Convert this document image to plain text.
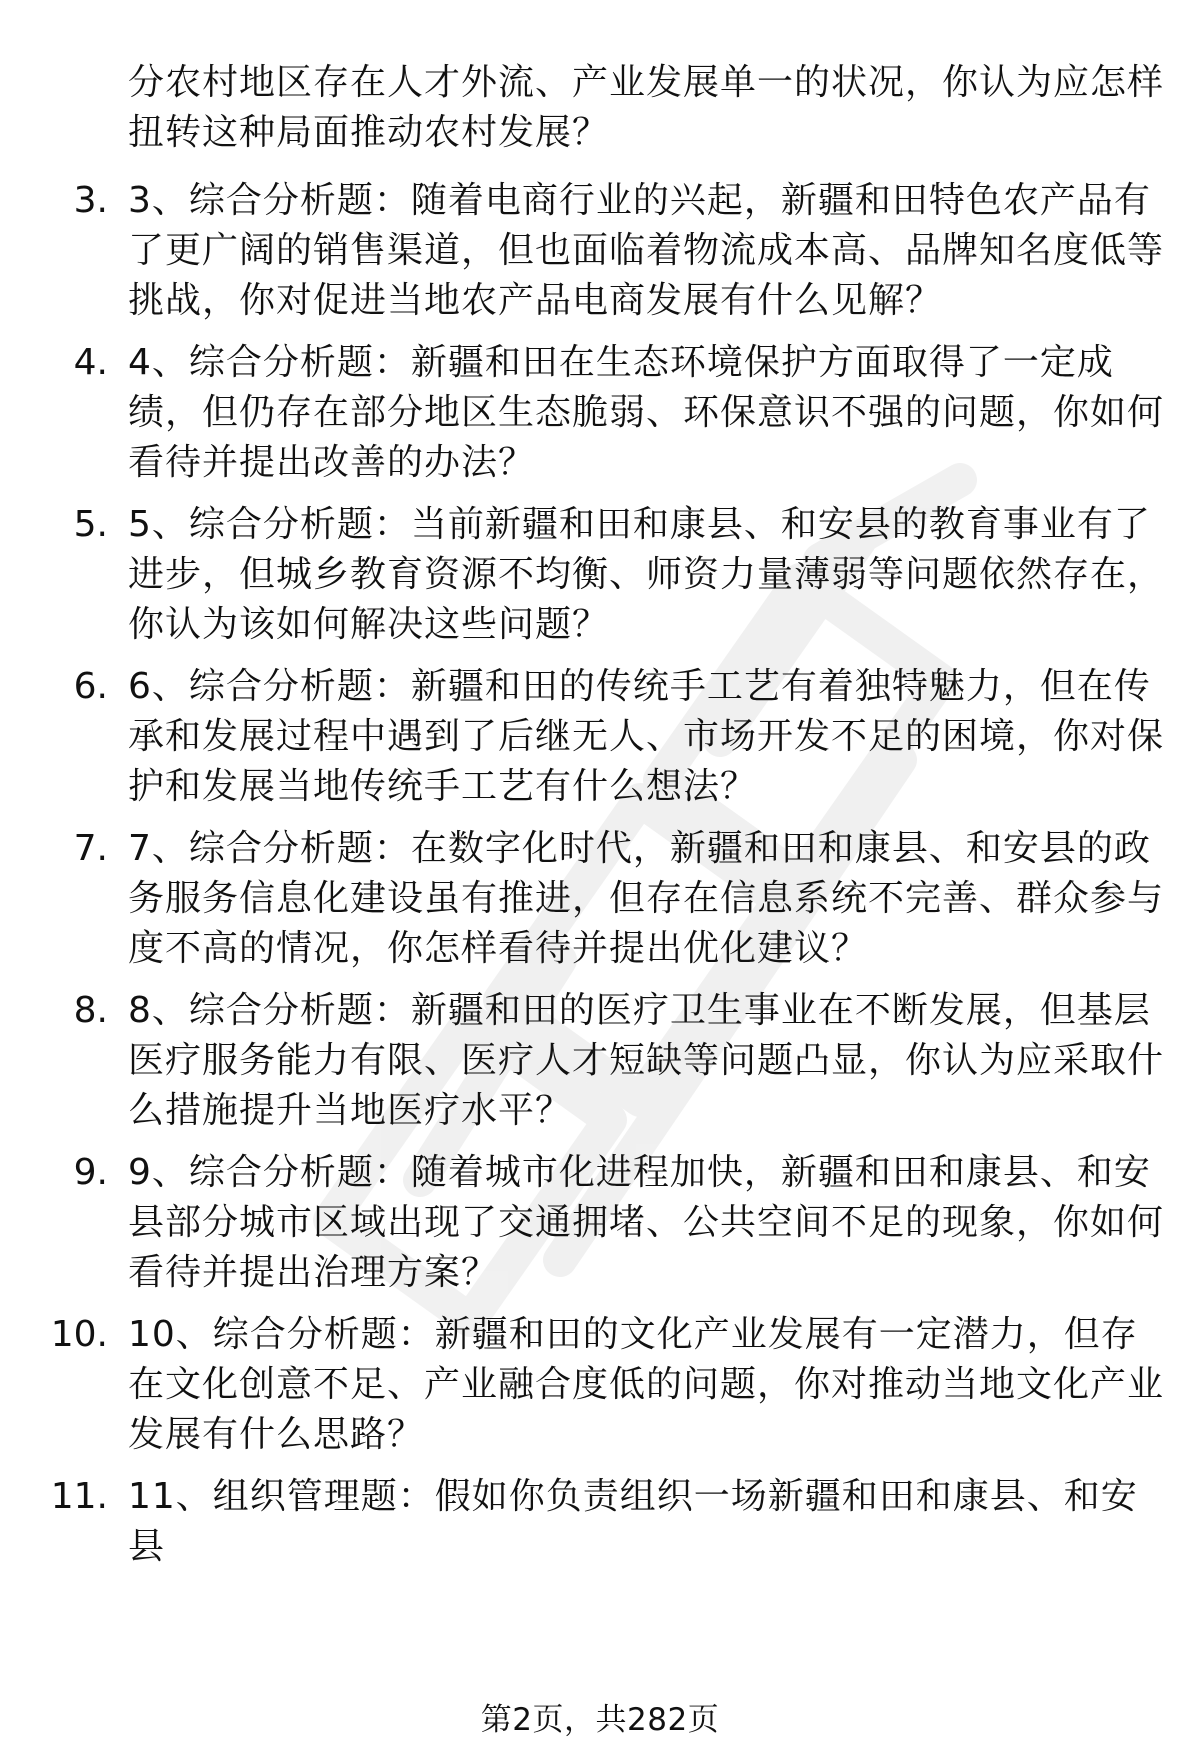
分农村地区存在人才外流、产业发展单一的状况，你认为应怎样扭转这种局面推动农村发展？
3. 3、综合分析题：随着电商行业的兴起，新疆和田特色农产品有了更广阔的销售渠道，但也面临着物流成本高、品牌知名度低等挑战，你对促进当地农产品电商发展有什么见解？
4. 4、综合分析题：新疆和田在生态环境保护方面取得了一定成绩，但仍存在部分地区生态脆弱、环保意识不强的问题，你如何看待并提出改善的办法？
5. 5、综合分析题：当前新疆和田和康县、和安县的教育事业有了进步，但城乡教育资源不均衡、师资力量薄弱等问题依然存在，你认为该如何解决这些问题？
6. 6、综合分析题：新疆和田的传统手工艺有着独特魅力，但在传承和发展过程中遇到了后继无人、市场开发不足的困境，你对保护和发展当地传统手工艺有什么想法？
7. 7、综合分析题：在数字化时代，新疆和田和康县、和安县的政务服务信息化建设虽有推进，但存在信息系统不完善、群众参与度不高的情况，你怎样看待并提出优化建议？
8. 8、综合分析题：新疆和田的医疗卫生事业在不断发展，但基层医疗服务能力有限、医疗人才短缺等问题凸显，你认为应采取什么措施提升当地医疗水平？
9. 9、综合分析题：随着城市化进程加快，新疆和田和康县、和安县部分城市区域出现了交通拥堵、公共空间不足的现象，你如何看待并提出治理方案？
10. 10、综合分析题：新疆和田的文化产业发展有一定潜力，但存在文化创意不足、产业融合度低的问题，你对推动当地文化产业发展有什么思路？
11. 11、组织管理题：假如你负责组织一场新疆和田和康县、和安县
第2页，共282页
